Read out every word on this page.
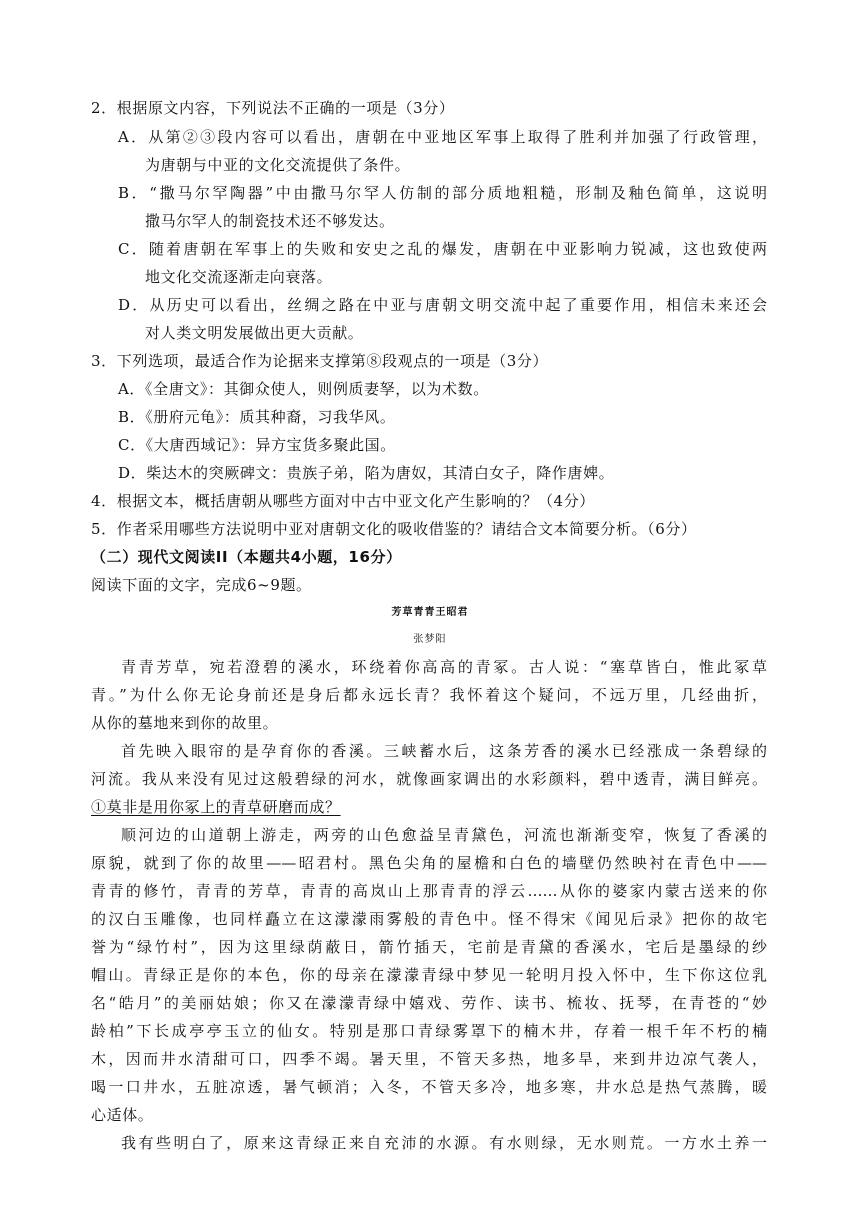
2．根据原文内容，下列说法不正确的一项是（3分）
A．从第②③段内容可以看出，唐朝在中亚地区军事上取得了胜利并加强了行政管理，
为唐朝与中亚的文化交流提供了条件。
B．“撒马尔罕陶器”中由撒马尔罕人仿制的部分质地粗糙，形制及釉色简单，这说明
撒马尔罕人的制瓷技术还不够发达。
C．随着唐朝在军事上的失败和安史之乱的爆发，唐朝在中亚影响力锐减，这也致使两
地文化交流逐渐走向衰落。
D．从历史可以看出，丝绸之路在中亚与唐朝文明交流中起了重要作用，相信未来还会
对人类文明发展做出更大贡献。
3．下列选项，最适合作为论据来支撑第⑧段观点的一项是（3分）
A．《全唐文》：其御众使人，则例质妻孥，以为术数。
B．《册府元龟》：质其种裔，习我华风。
C．《大唐西域记》：异方宝货多聚此国。
D．柴达木的突厥碑文：贵族子弟，陷为唐奴，其清白女子，降作唐婢。
4．根据文本，概括唐朝从哪些方面对中古中亚文化产生影响的？（4分）
5．作者采用哪些方法说明中亚对唐朝文化的吸收借鉴的？请结合文本简要分析。（6分）
（二）现代文阅读II（本题共4小题，16分）
阅读下面的文字，完成6~9题。
芳草青青王昭君
张梦阳
青青芳草，宛若澄碧的溪水，环绕着你高高的青冢。古人说：“塞草皆白，惟此冢草
青。”为什么你无论身前还是身后都永远长青？我怀着这个疑问，不远万里，几经曲折，
从你的墓地来到你的故里。
首先映入眼帘的是孕育你的香溪。三峡蓄水后，这条芳香的溪水已经涨成一条碧绿的
河流。我从来没有见过这般碧绿的河水，就像画家调出的水彩颜料，碧中透青，满目鲜亮。
①莫非是用你冢上的青草研磨而成？
顺河边的山道朝上游走，两旁的山色愈益呈青黛色，河流也渐渐变窄，恢复了香溪的
原貌，就到了你的故里——昭君村。黑色尖角的屋檐和白色的墙壁仍然映衬在青色中——
青青的修竹，青青的芳草，青青的高岚山上那青青的浮云……从你的婆家内蒙古送来的你
的汉白玉雕像，也同样矗立在这濛濛雨雾般的青色中。怪不得宋《闻见后录》把你的故宅
誉为“绿竹村”，因为这里绿荫蔽日，箭竹插天，宅前是青黛的香溪水，宅后是墨绿的纱
帽山。青绿正是你的本色，你的母亲在濛濛青绿中梦见一轮明月投入怀中，生下你这位乳
名“皓月”的美丽姑娘；你又在濛濛青绿中嬉戏、劳作、读书、梳妆、抚琴，在青苍的“妙
龄柏”下长成亭亭玉立的仙女。特别是那口青绿雾罩下的楠木井，存着一根千年不朽的楠
木，因而井水清甜可口，四季不竭。暑天里，不管天多热，地多旱，来到井边凉气袭人，
喝一口井水，五脏凉透，暑气顿消；入冬，不管天多冷，地多寒，井水总是热气蒸腾，暖
心适体。
我有些明白了，原来这青绿正来自充沛的水源。有水则绿，无水则荒。一方水土养一
